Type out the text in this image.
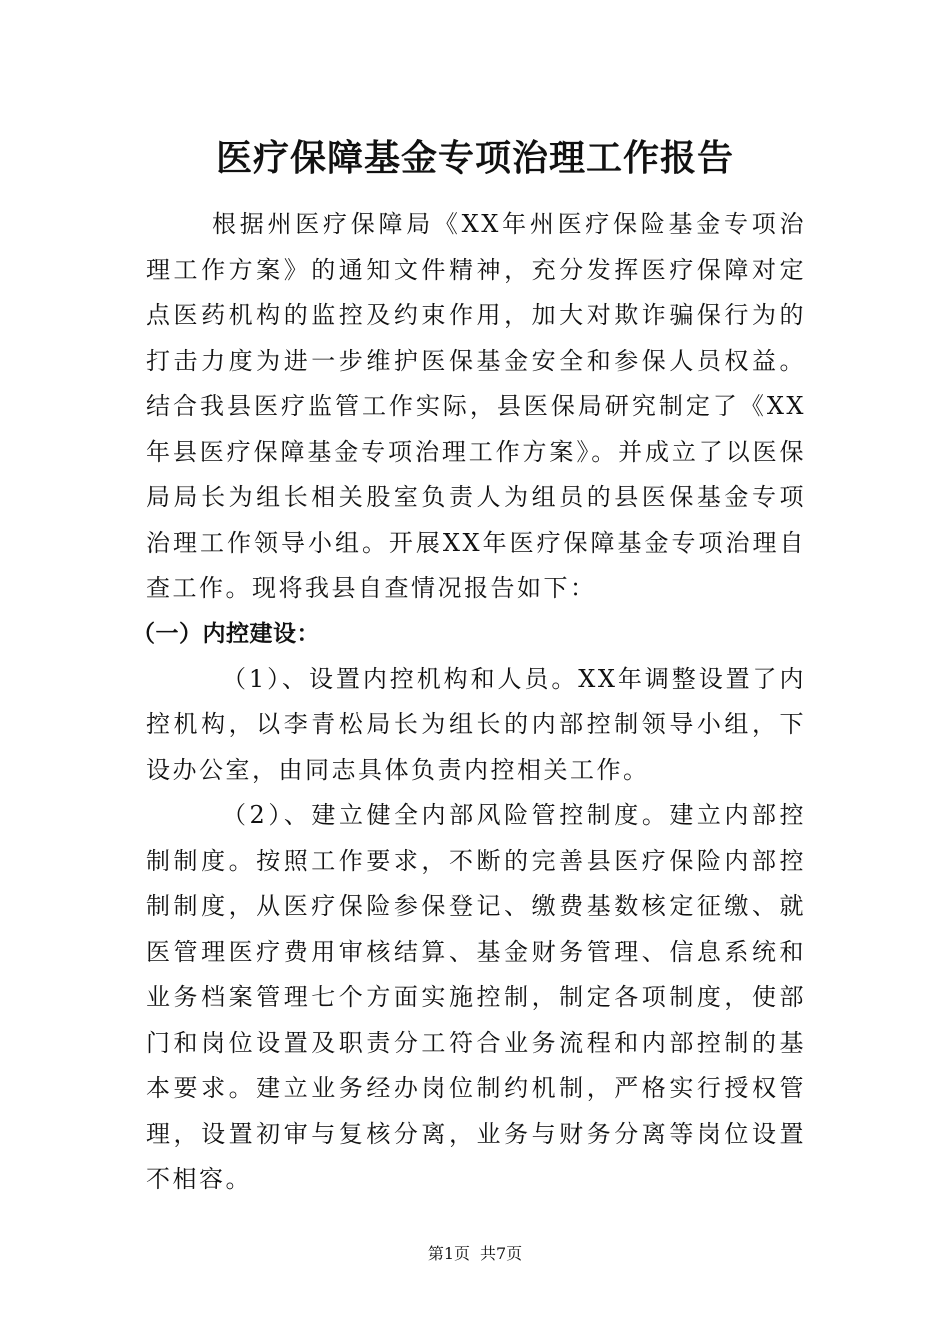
医疗保障基金专项治理工作报告

根据州医疗保障局《XX年州医疗保险基金专项治理工作方案》的通知文件精神，充分发挥医疗保障对定点医药机构的监控及约束作用，加大对欺诈骗保行为的打击力度为进一步维护医保基金安全和参保人员权益。结合我县医疗监管工作实际，县医保局研究制定了《XX年县医疗保障基金专项治理工作方案》。并成立了以医保局局长为组长相关股室负责人为组员的县医保基金专项治理工作领导小组。开展XX年医疗保障基金专项治理自查工作。现将我县自查情况报告如下：

（一）内控建设：

（1）、设置内控机构和人员。XX年调整设置了内控机构，以李青松局长为组长的内部控制领导小组，下设办公室，由同志具体负责内控相关工作。

（2）、建立健全内部风险管控制度。建立内部控制制度。按照工作要求，不断的完善县医疗保险内部控制制度，从医疗保险参保登记、缴费基数核定征缴、就医管理医疗费用审核结算、基金财务管理、信息系统和业务档案管理七个方面实施控制，制定各项制度，使部门和岗位设置及职责分工符合业务流程和内部控制的基本要求。建立业务经办岗位制约机制，严格实行授权管理，设置初审与复核分离，业务与财务分离等岗位设置不相容。

第1页 共7页
